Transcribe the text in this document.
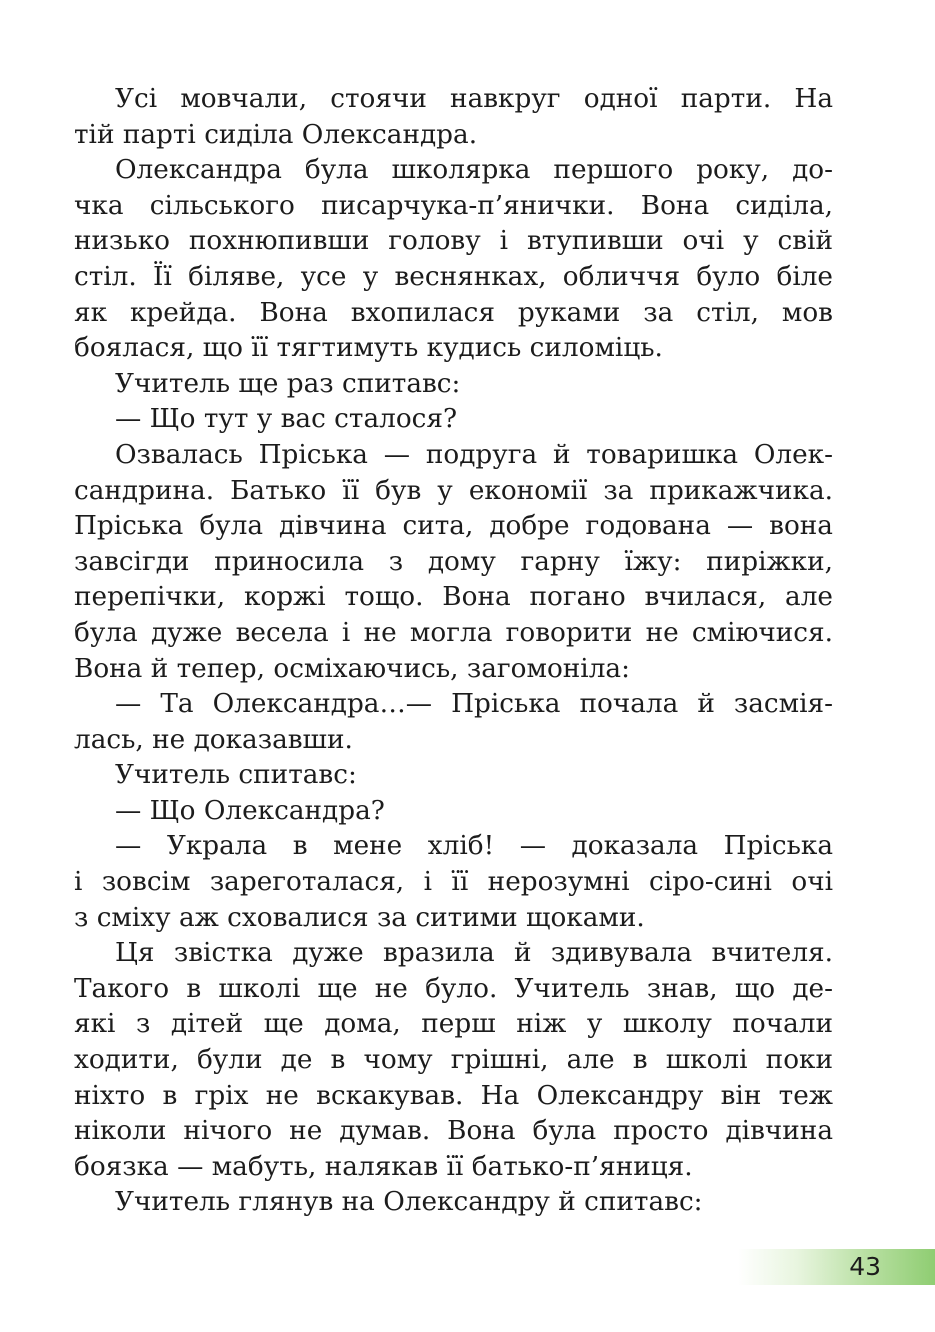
Усі мовчали, стоячи навкруг одної парти. На
тій парті сиділа Олександра.
Олександра була школярка першого року, до-
чка сільського писарчука-п’янички. Вона сиділа,
низько похнюпивши голову і втупивши очі у свій
стіл. Її біляве, усе у веснянках, обличчя було біле
як крейда. Вона вхопилася руками за стіл, мов
боялася, що її тягтимуть кудись силоміць.
Учитель ще раз спитавс:
— Що тут у вас сталося?
Озвалась Пріська — подруга й товаришка Олек-
сандрина. Батько її був у економії за прикажчика.
Пріська була дівчина сита, добре годована — вона
завсігди приносила з дому гарну їжу: пиріжки,
перепічки, коржі тощо. Вона погано вчилася, але
була дуже весела і не могла говорити не сміючися.
Вона й тепер, осміхаючись, загомоніла:
— Та Олександра…— Пріська почала й засмія-
лась, не доказавши.
Учитель спитавс:
— Що Олександра?
— Украла в мене хліб! — доказала Пріська
і зовсім зареготалася, і її нерозумні сіро-сині очі
з сміху аж сховалися за ситими щоками.
Ця звістка дуже вразила й здивувала вчителя.
Такого в школі ще не було. Учитель знав, що де-
які з дітей ще дома, перш ніж у школу почали
ходити, були де в чому грішні, але в школі поки
ніхто в гріх не вскакував. На Олександру він теж
ніколи нічого не думав. Вона була просто дівчина
боязка — мабуть, налякав її батько-п’яниця.
Учитель глянув на Олександру й спитавс:
43
